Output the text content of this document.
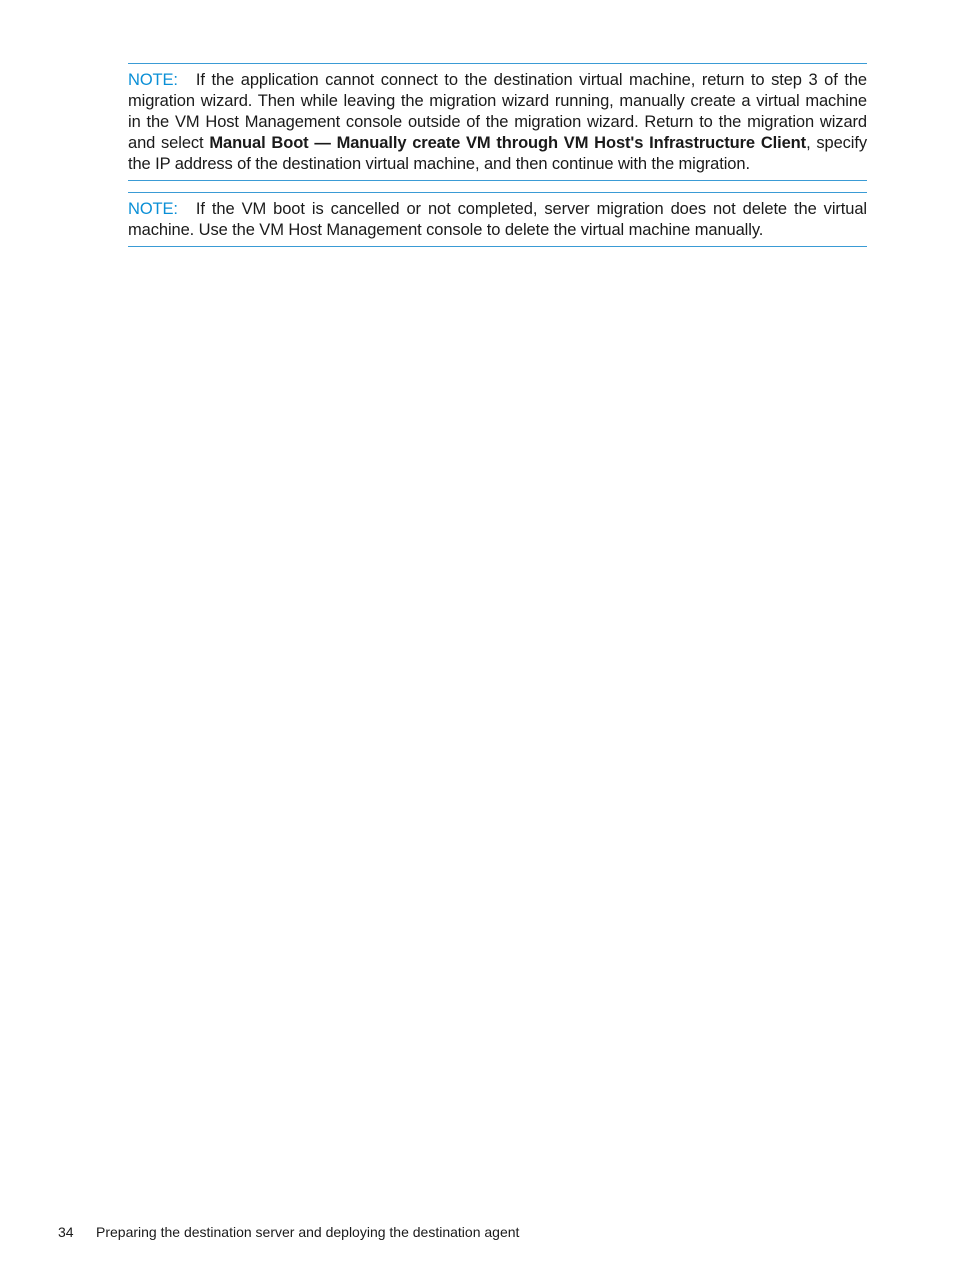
NOTE: If the application cannot connect to the destination virtual machine, return to step 3 of the migration wizard. Then while leaving the migration wizard running, manually create a virtual machine in the VM Host Management console outside of the migration wizard. Return to the migration wizard and select Manual Boot — Manually create VM through VM Host's Infrastructure Client, specify the IP address of the destination virtual machine, and then continue with the migration.
NOTE: If the VM boot is cancelled or not completed, server migration does not delete the virtual machine. Use the VM Host Management console to delete the virtual machine manually.
34 Preparing the destination server and deploying the destination agent
